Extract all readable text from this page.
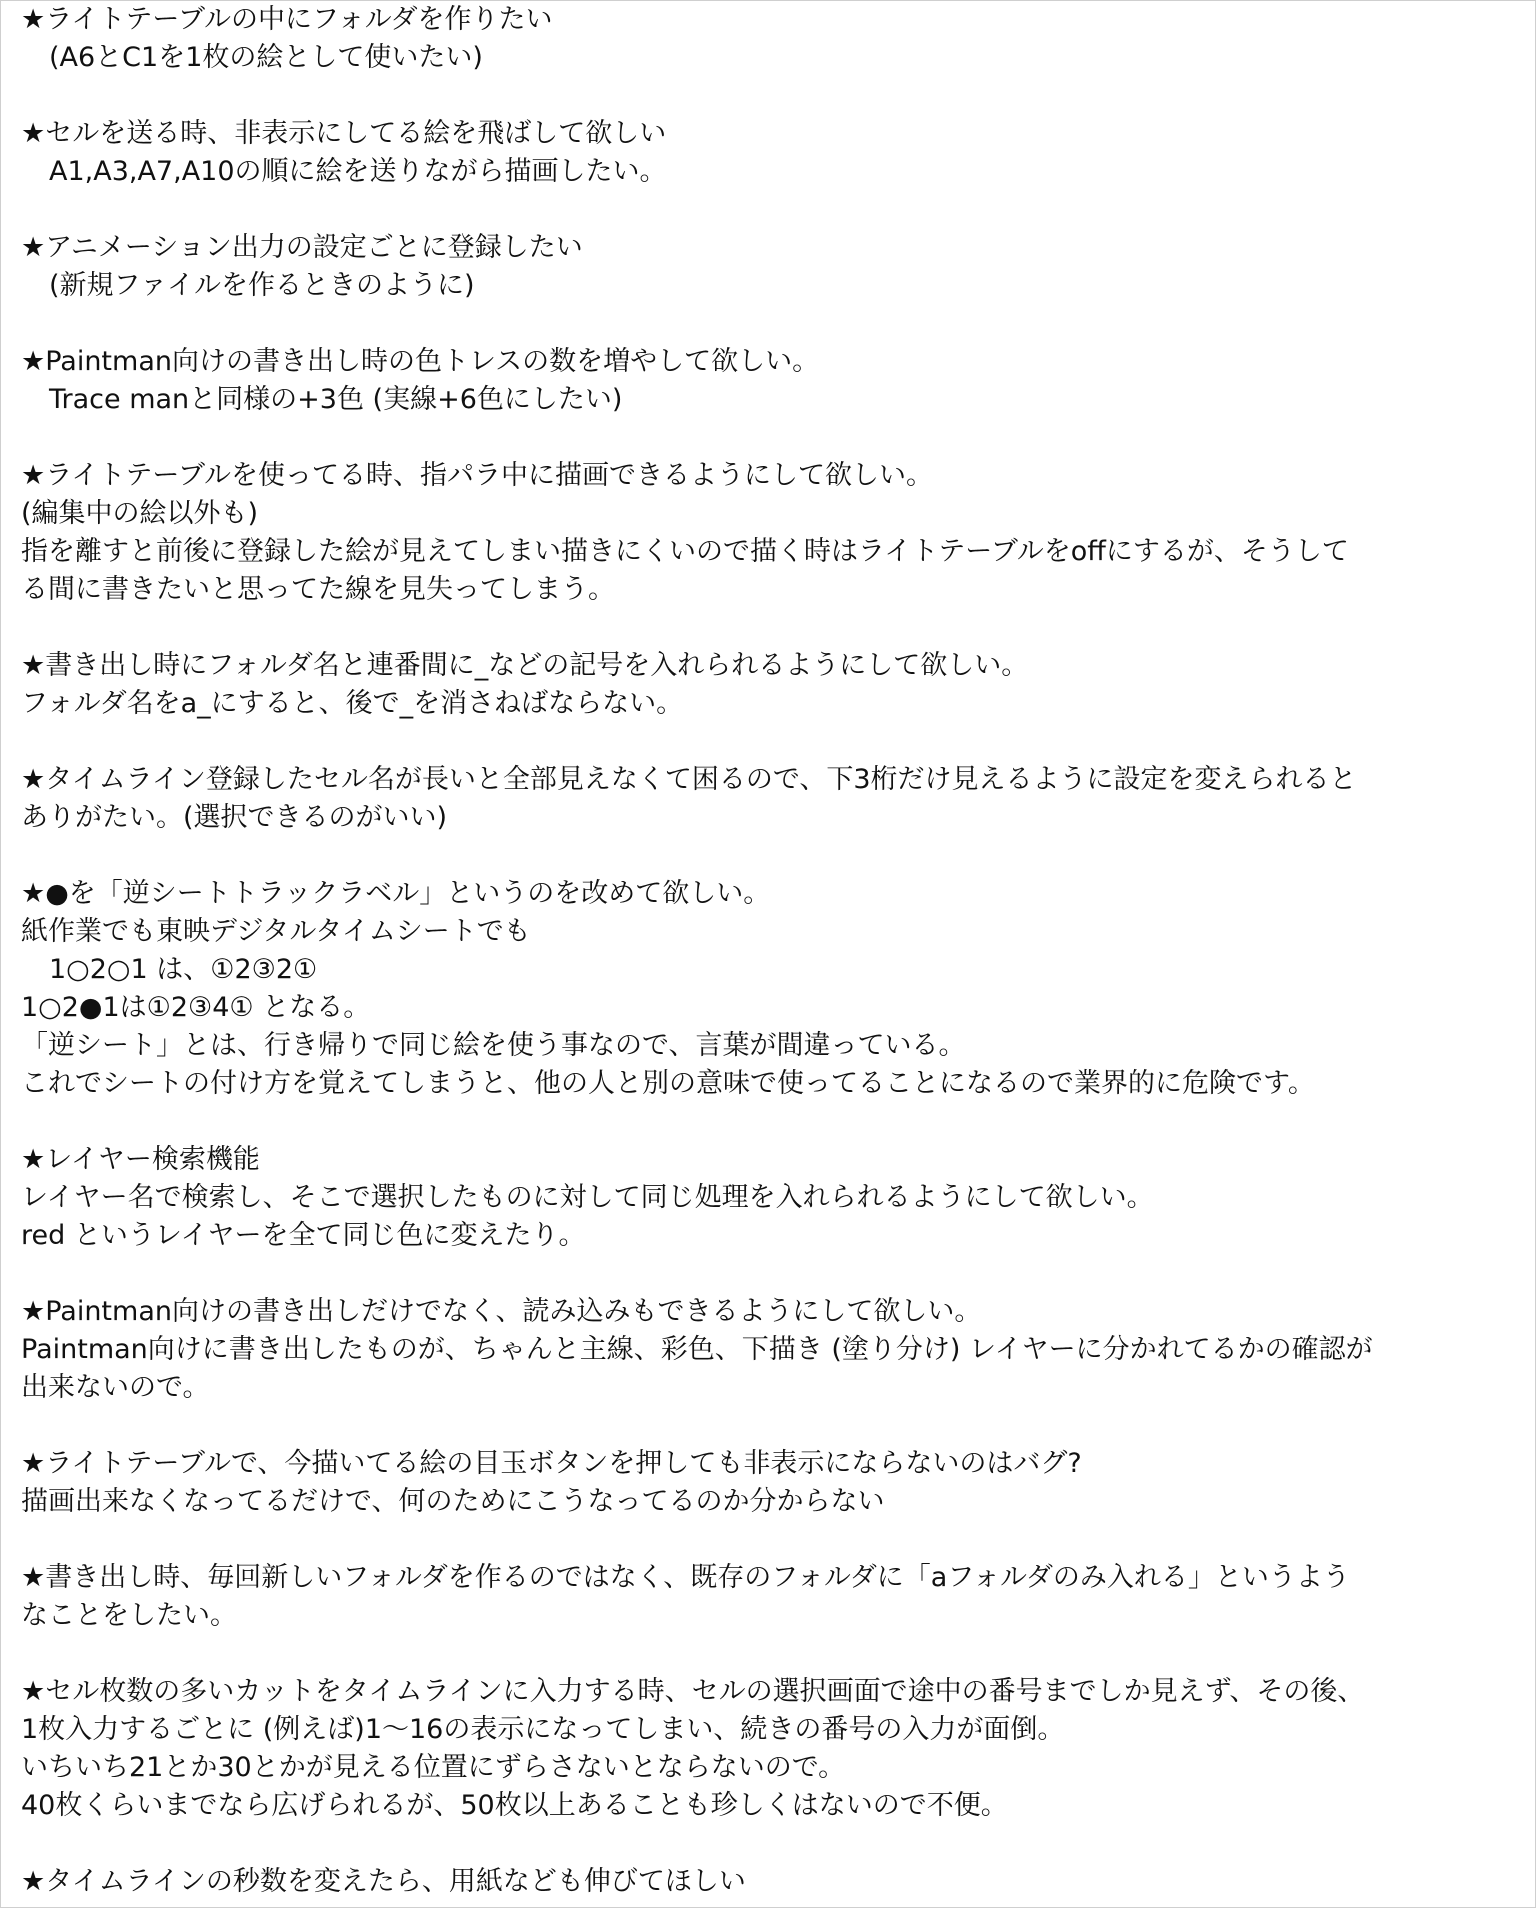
★ライトテーブルの中にフォルダを作りたい
(A6とC1を1枚の絵として使いたい)
★セルを送る時、非表示にしてる絵を飛ばして欲しい
A1,A3,A7,A10の順に絵を送りながら描画したい。
★アニメーション出力の設定ごとに登録したい
(新規ファイルを作るときのように)
★Paintman向けの書き出し時の色トレスの数を増やして欲しい。
Trace manと同様の+3色 (実線+6色にしたい)
★ライトテーブルを使ってる時、指パラ中に描画できるようにして欲しい。
(編集中の絵以外も)
指を離すと前後に登録した絵が見えてしまい描きにくいので描く時はライトテーブルをoffにするが、そうして
る間に書きたいと思ってた線を見失ってしまう。
★書き出し時にフォルダ名と連番間に_などの記号を入れられるようにして欲しい。
フォルダ名をa_にすると、後で_を消さねばならない。
★タイムライン登録したセル名が長いと全部見えなくて困るので、下3桁だけ見えるように設定を変えられると
ありがたい。(選択できるのがいい)
★●を「逆シートトラックラベル」というのを改めて欲しい。
紙作業でも東映デジタルタイムシートでも
1○2○1 は、①2③2①
1○2●1は①2③4① となる。
「逆シート」とは、行き帰りで同じ絵を使う事なので、言葉が間違っている。
これでシートの付け方を覚えてしまうと、他の人と別の意味で使ってることになるので業界的に危険です。
★レイヤー検索機能
レイヤー名で検索し、そこで選択したものに対して同じ処理を入れられるようにして欲しい。
red というレイヤーを全て同じ色に変えたり。
★Paintman向けの書き出しだけでなく、読み込みもできるようにして欲しい。
Paintman向けに書き出したものが、ちゃんと主線、彩色、下描き (塗り分け) レイヤーに分かれてるかの確認が
出来ないので。
★ライトテーブルで、今描いてる絵の目玉ボタンを押しても非表示にならないのはバグ?
描画出来なくなってるだけで、何のためにこうなってるのか分からない
★書き出し時、毎回新しいフォルダを作るのではなく、既存のフォルダに「aフォルダのみ入れる」というよう
なことをしたい。
★セル枚数の多いカットをタイムラインに入力する時、セルの選択画面で途中の番号までしか見えず、その後、
1枚入力するごとに (例えば)1〜16の表示になってしまい、続きの番号の入力が面倒。
いちいち21とか30とかが見える位置にずらさないとならないので。
40枚くらいまでなら広げられるが、50枚以上あることも珍しくはないので不便。
★タイムラインの秒数を変えたら、用紙なども伸びてほしい
